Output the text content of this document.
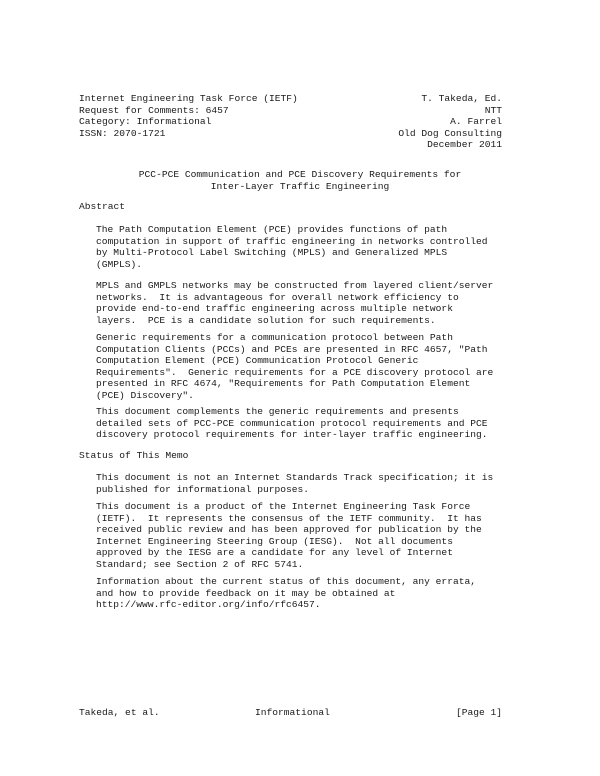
Internet Engineering Task Force (IETF)
Request for Comments: 6457
Category: Informational
ISSN: 2070-1721
T. Takeda, Ed.
NTT
A. Farrel
Old Dog Consulting
December 2011
PCC-PCE Communication and PCE Discovery Requirements for
Inter-Layer Traffic Engineering
Abstract
The Path Computation Element (PCE) provides functions of path
computation in support of traffic engineering in networks controlled
by Multi-Protocol Label Switching (MPLS) and Generalized MPLS
(GMPLS).
MPLS and GMPLS networks may be constructed from layered client/server
networks.  It is advantageous for overall network efficiency to
provide end-to-end traffic engineering across multiple network
layers.  PCE is a candidate solution for such requirements.
Generic requirements for a communication protocol between Path
Computation Clients (PCCs) and PCEs are presented in RFC 4657, "Path
Computation Element (PCE) Communication Protocol Generic
Requirements".  Generic requirements for a PCE discovery protocol are
presented in RFC 4674, "Requirements for Path Computation Element
(PCE) Discovery".
This document complements the generic requirements and presents
detailed sets of PCC-PCE communication protocol requirements and PCE
discovery protocol requirements for inter-layer traffic engineering.
Status of This Memo
This document is not an Internet Standards Track specification; it is
published for informational purposes.
This document is a product of the Internet Engineering Task Force
(IETF).  It represents the consensus of the IETF community.  It has
received public review and has been approved for publication by the
Internet Engineering Steering Group (IESG).  Not all documents
approved by the IESG are a candidate for any level of Internet
Standard; see Section 2 of RFC 5741.
Information about the current status of this document, any errata,
and how to provide feedback on it may be obtained at
http://www.rfc-editor.org/info/rfc6457.
Takeda, et al.	Informational	[Page 1]
